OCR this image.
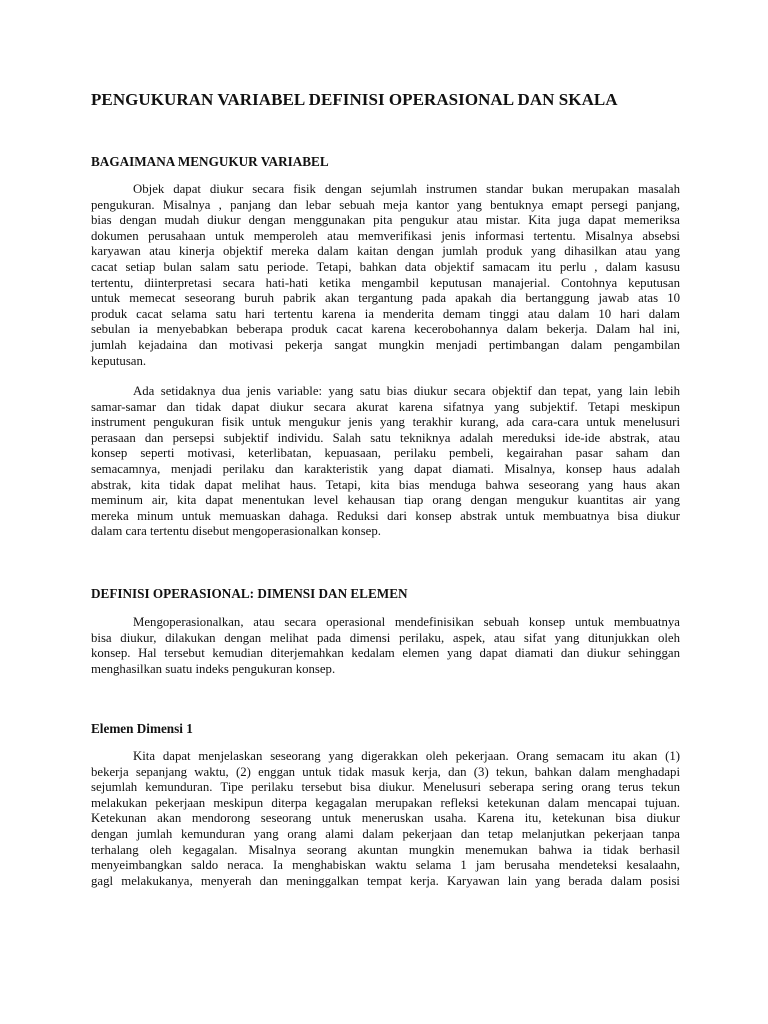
PENGUKURAN VARIABEL DEFINISI OPERASIONAL DAN SKALA
BAGAIMANA MENGUKUR VARIABEL
Objek dapat diukur secara fisik dengan sejumlah instrumen standar bukan merupakan masalah
pengukuran. Misalnya , panjang dan lebar sebuah meja kantor yang bentuknya emapt persegi panjang,
bias dengan mudah diukur dengan menggunakan pita pengukur atau mistar. Kita juga dapat memeriksa
dokumen perusahaan untuk memperoleh atau memverifikasi jenis informasi tertentu. Misalnya absebsi
karyawan atau kinerja objektif mereka dalam kaitan dengan jumlah produk yang dihasilkan atau yang
cacat setiap bulan salam satu periode. Tetapi, bahkan data objektif samacam itu perlu , dalam kasusu
tertentu, diinterpretasi secara hati-hati ketika mengambil keputusan manajerial. Contohnya keputusan
untuk memecat seseorang buruh pabrik akan tergantung pada apakah dia bertanggung jawab atas 10
produk cacat selama satu hari tertentu karena ia menderita demam tinggi atau dalam 10 hari dalam
sebulan ia menyebabkan beberapa produk cacat karena kecerobohannya dalam bekerja. Dalam hal ini,
jumlah kejadaina dan motivasi pekerja sangat mungkin menjadi pertimbangan dalam pengambilan
keputusan.
Ada setidaknya dua jenis variable: yang satu bias diukur secara objektif dan tepat, yang lain lebih
samar-samar dan tidak dapat diukur secara akurat karena sifatnya yang subjektif. Tetapi meskipun
instrument pengukuran fisik untuk mengukur jenis yang terakhir kurang, ada cara-cara untuk menelusuri
perasaan dan persepsi subjektif individu. Salah satu tekniknya adalah mereduksi ide-ide abstrak, atau
konsep seperti motivasi, keterlibatan, kepuasaan, perilaku pembeli, kegairahan pasar saham dan
semacamnya, menjadi perilaku dan karakteristik yang dapat diamati. Misalnya, konsep haus adalah
abstrak, kita tidak dapat melihat haus. Tetapi, kita bias menduga bahwa seseorang yang haus akan
meminum air, kita dapat menentukan level kehausan tiap orang dengan mengukur kuantitas air yang
mereka minum untuk memuaskan dahaga. Reduksi dari konsep abstrak untuk membuatnya bisa diukur
dalam cara tertentu disebut mengoperasionalkan konsep.
DEFINISI OPERASIONAL: DIMENSI DAN ELEMEN
Mengoperasionalkan, atau secara operasional mendefinisikan sebuah konsep untuk membuatnya
bisa diukur, dilakukan dengan melihat pada dimensi perilaku, aspek, atau sifat yang ditunjukkan oleh
konsep. Hal tersebut kemudian diterjemahkan kedalam elemen yang dapat diamati dan diukur sehinggan
menghasilkan suatu indeks pengukuran konsep.
Elemen Dimensi 1
Kita dapat menjelaskan seseorang yang digerakkan oleh pekerjaan. Orang semacam itu akan (1)
bekerja sepanjang waktu, (2) enggan untuk tidak masuk kerja, dan (3) tekun, bahkan dalam menghadapi
sejumlah kemunduran. Tipe perilaku tersebut bisa diukur. Menelusuri seberapa sering orang terus tekun
melakukan pekerjaan meskipun diterpa kegagalan merupakan refleksi ketekunan dalam mencapai tujuan.
Ketekunan akan mendorong seseorang untuk meneruskan usaha. Karena itu, ketekunan bisa diukur
dengan jumlah kemunduran yang orang alami dalam pekerjaan dan tetap melanjutkan pekerjaan tanpa
terhalang oleh kegagalan. Misalnya seorang akuntan mungkin menemukan bahwa ia tidak berhasil
menyeimbangkan saldo neraca. Ia menghabiskan waktu selama 1 jam berusaha mendeteksi kesalaahn,
gagl melakukanya, menyerah dan meninggalkan tempat kerja. Karyawan lain yang berada dalam posisi
